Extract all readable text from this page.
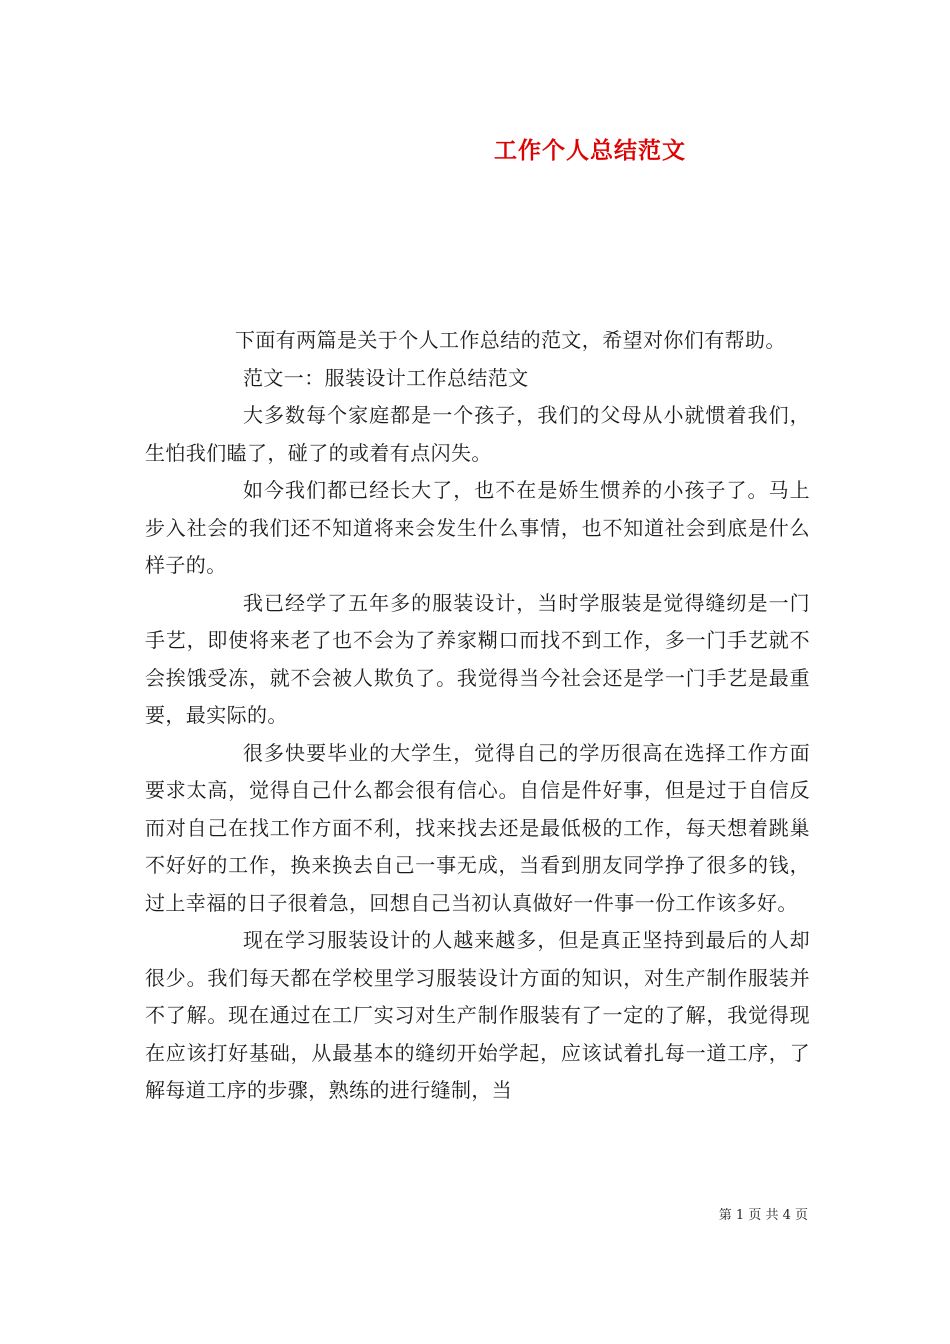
工作个人总结范文

下面有两篇是关于个人工作总结的范文，希望对你们有帮助。

范文一：服装设计工作总结范文

大多数每个家庭都是一个孩子，我们的父母从小就惯着我们，生怕我们瞌了，碰了的或着有点闪失。

如今我们都已经长大了，也不在是娇生惯养的小孩子了。马上步入社会的我们还不知道将来会发生什么事情，也不知道社会到底是什么样子的。

我已经学了五年多的服装设计，当时学服装是觉得缝纫是一门手艺，即使将来老了也不会为了养家糊口而找不到工作，多一门手艺就不会挨饿受冻，就不会被人欺负了。我觉得当今社会还是学一门手艺是最重要，最实际的。

很多快要毕业的大学生，觉得自己的学历很高在选择工作方面要求太高，觉得自己什么都会很有信心。自信是件好事，但是过于自信反而对自己在找工作方面不利，找来找去还是最低极的工作，每天想着跳巢不好好的工作，换来换去自己一事无成，当看到朋友同学挣了很多的钱，过上幸福的日子很着急，回想自己当初认真做好一件事一份工作该多好。

现在学习服装设计的人越来越多，但是真正坚持到最后的人却很少。我们每天都在学校里学习服装设计方面的知识，对生产制作服装并不了解。现在通过在工厂实习对生产制作服装有了一定的了解，我觉得现在应该打好基础，从最基本的缝纫开始学起，应该试着扎每一道工序，了解每道工序的步骤，熟练的进行缝制，当

第 1 页 共 4 页
